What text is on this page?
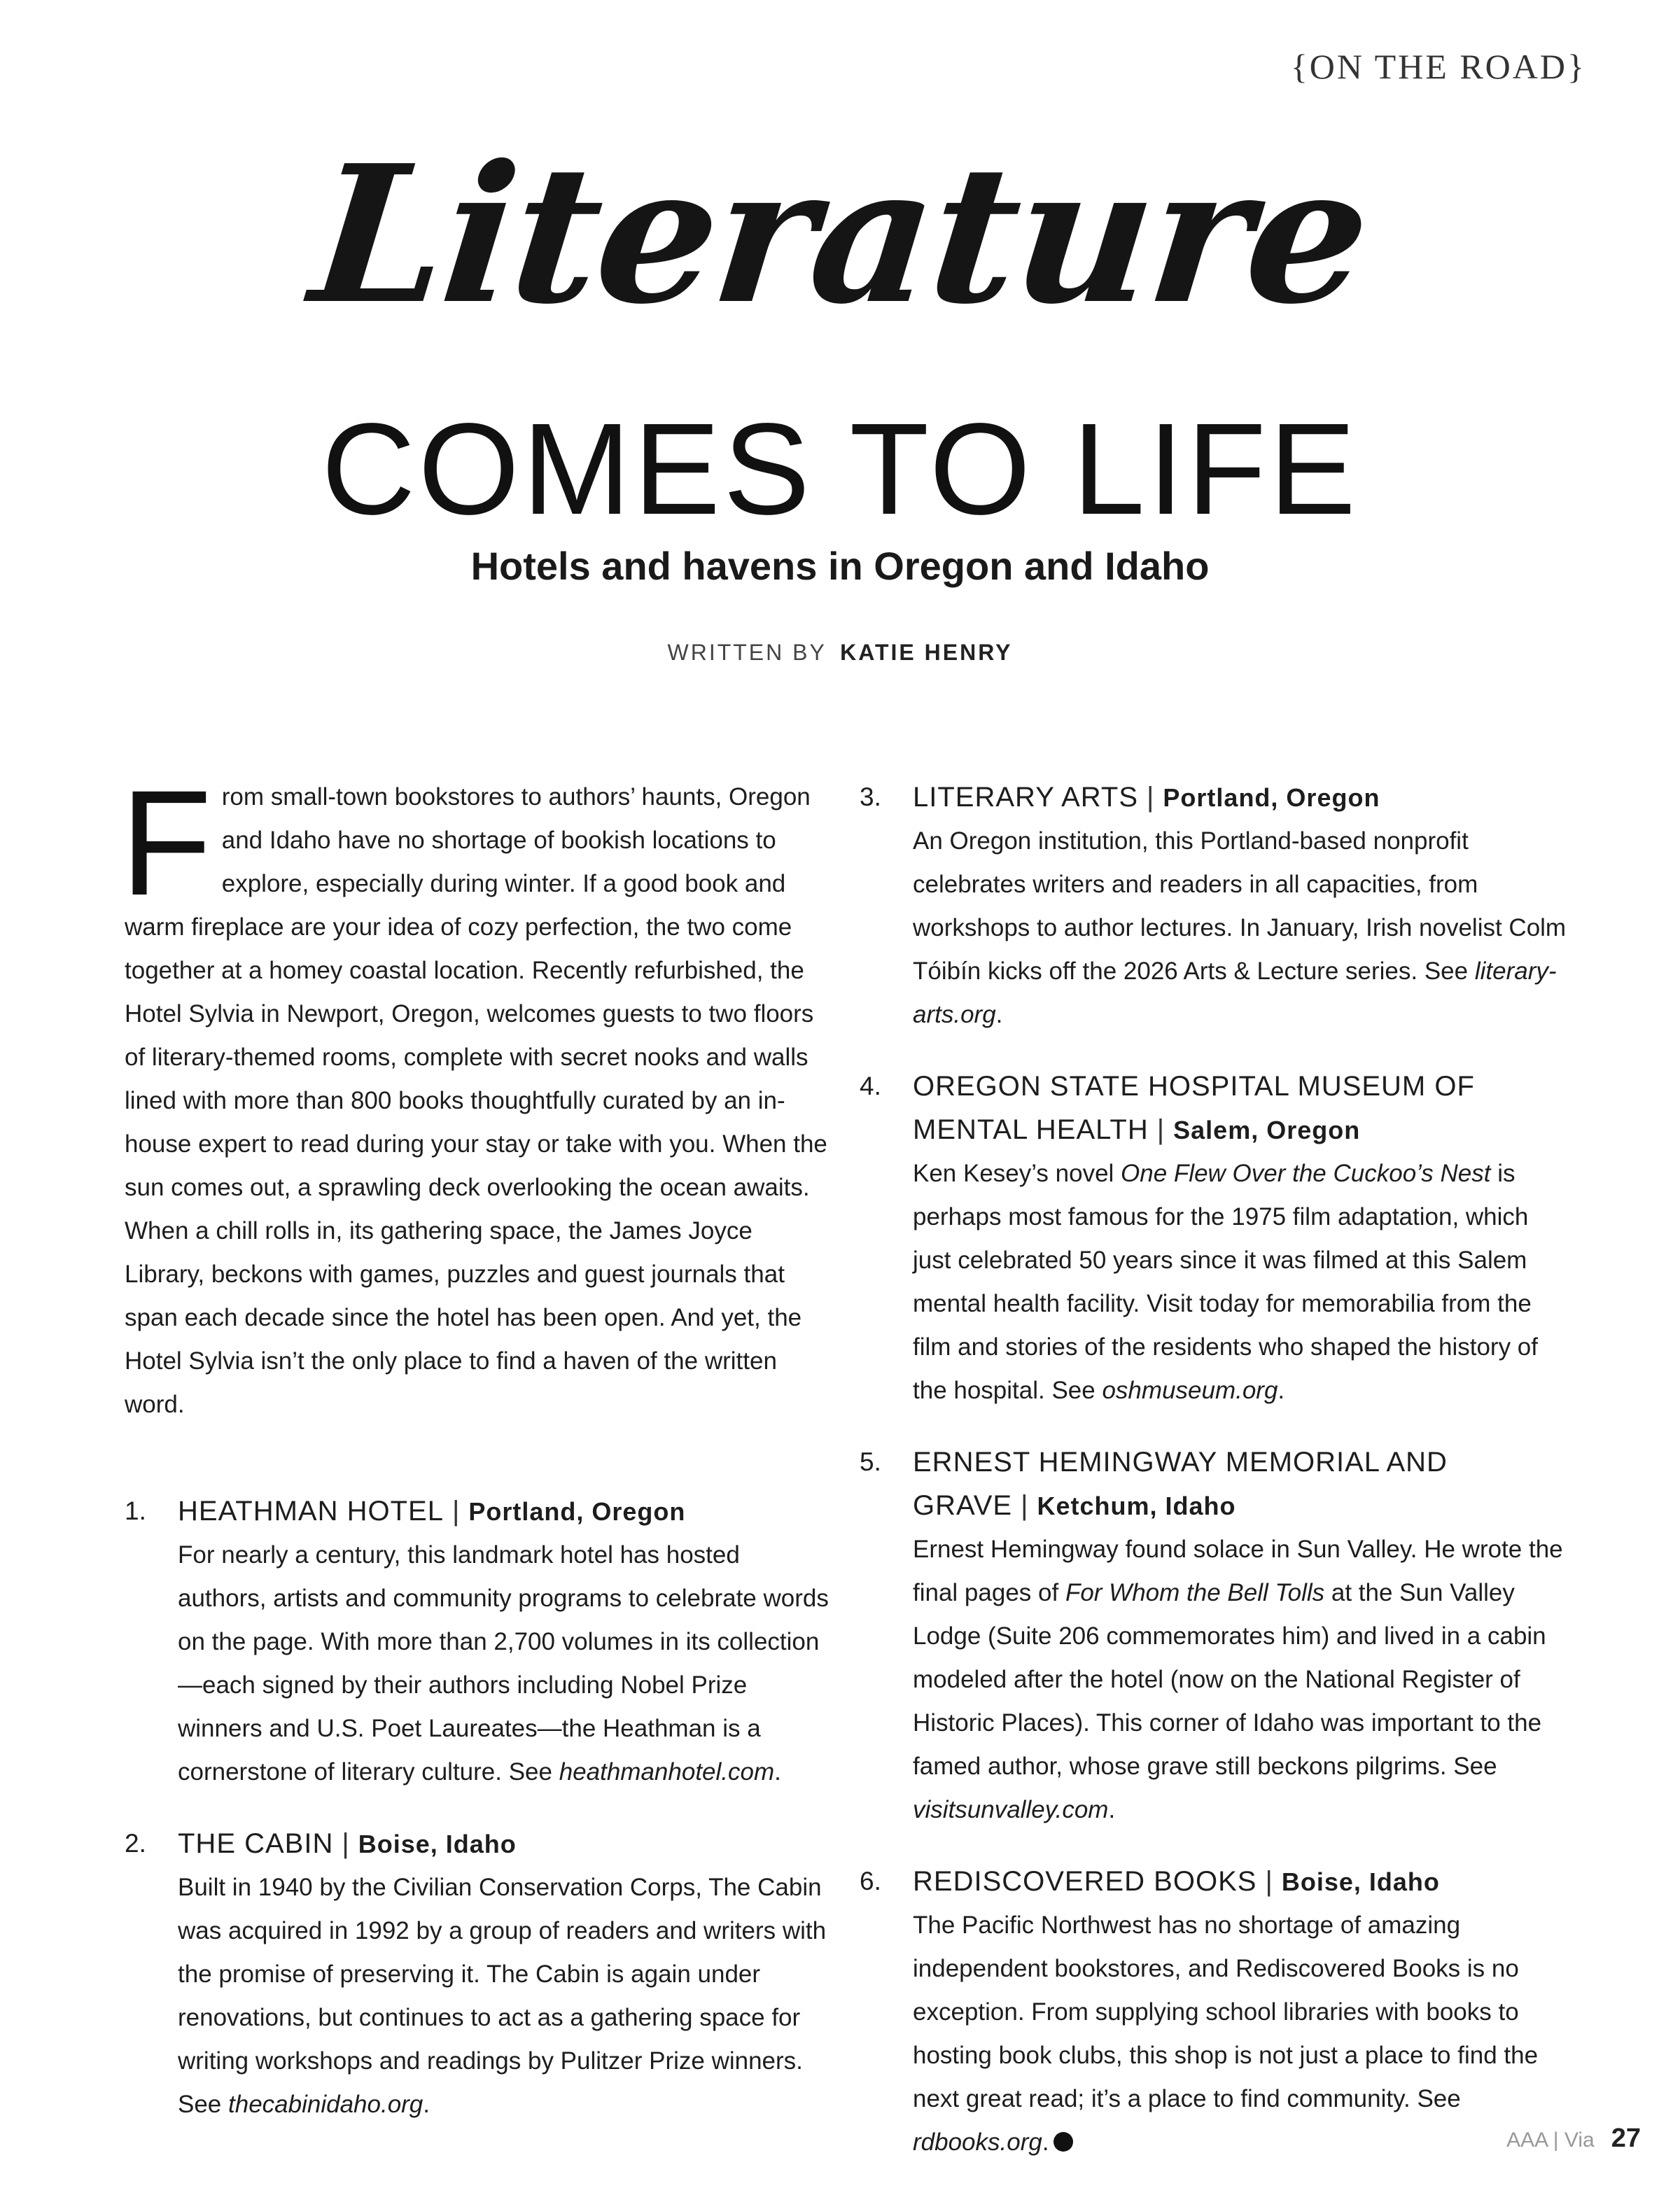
{ON THE ROAD}
Literature
COMES TO LIFE
Hotels and havens in Oregon and Idaho
WRITTEN BY KATIE HENRY

From small-town bookstores to authors’ haunts, Oregon and Idaho have no shortage of bookish locations to explore, especially during winter. If a good book and warm fireplace are your idea of cozy perfection, the two come together at a homey coastal location. Recently refurbished, the Hotel Sylvia in Newport, Oregon, welcomes guests to two floors of literary-themed rooms, complete with secret nooks and walls lined with more than 800 books thoughtfully curated by an in-house expert to read during your stay or take with you. When the sun comes out, a sprawling deck overlooking the ocean awaits. When a chill rolls in, its gathering space, the James Joyce Library, beckons with games, puzzles and guest journals that span each decade since the hotel has been open. And yet, the Hotel Sylvia isn’t the only place to find a haven of the written word.

1. HEATHMAN HOTEL | Portland, Oregon

For nearly a century, this landmark hotel has hosted authors, artists and community programs to celebrate words on the page. With more than 2,700 volumes in its collection—each signed by their authors including Nobel Prize winners and U.S. Poet Laureates—the Heathman is a cornerstone of literary culture. See heathmanhotel.com.

2. THE CABIN | Boise, Idaho

Built in 1940 by the Civilian Conservation Corps, The Cabin was acquired in 1992 by a group of readers and writers with the promise of preserving it. The Cabin is again under renovations, but continues to act as a gathering space for writing workshops and readings by Pulitzer Prize winners. See thecabinidaho.org.

3. LITERARY ARTS | Portland, Oregon

An Oregon institution, this Portland-based nonprofit celebrates writers and readers in all capacities, from workshops to author lectures. In January, Irish novelist Colm Tóibín kicks off the 2026 Arts & Lecture series. See literary-arts.org.

4. OREGON STATE HOSPITAL MUSEUM OF MENTAL HEALTH | Salem, Oregon

Ken Kesey’s novel One Flew Over the Cuckoo’s Nest is perhaps most famous for the 1975 film adaptation, which just celebrated 50 years since it was filmed at this Salem mental health facility. Visit today for memorabilia from the film and stories of the residents who shaped the history of the hospital. See oshmuseum.org.

5. ERNEST HEMINGWAY MEMORIAL AND GRAVE | Ketchum, Idaho

Ernest Hemingway found solace in Sun Valley. He wrote the final pages of For Whom the Bell Tolls at the Sun Valley Lodge (Suite 206 commemorates him) and lived in a cabin modeled after the hotel (now on the National Register of Historic Places). This corner of Idaho was important to the famed author, whose grave still beckons pilgrims. See visitsunvalley.com.

6. REDISCOVERED BOOKS | Boise, Idaho

The Pacific Northwest has no shortage of amazing independent bookstores, and Rediscovered Books is no exception. From supplying school libraries with books to hosting book clubs, this shop is not just a place to find the next great read; it’s a place to find community. See rdbooks.org.	AAA | Via 27
